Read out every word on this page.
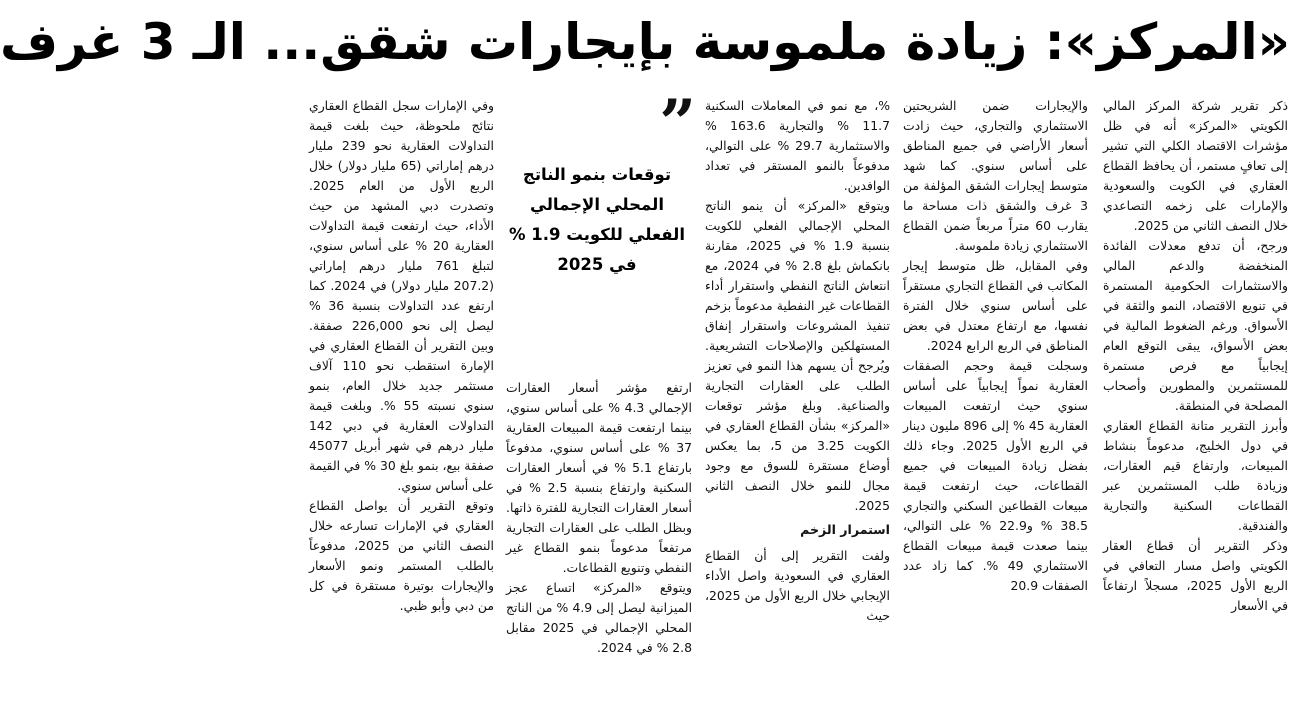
«المركز»: زيادة ملموسة بإيجارات شقق... الـ 3 غرف

ذكر تقرير شركة المركز المالي الكويتي «المركز» أنه في ظل مؤشرات الاقتصاد الكلي التي تشير إلى تعافٍ مستمر، أن يحافظ القطاع العقاري في الكويت والسعودية والإمارات على زخمه التصاعدي خلال النصف الثاني من 2025.

ورجح، أن تدفع معدلات الفائدة المنخفضة والدعم المالي والاستثمارات الحكومية المستمرة في تنويع الاقتصاد، النمو والثقة في الأسواق. ورغم الضغوط المالية في بعض الأسواق، يبقى التوقع العام إيجابياً مع فرص مستمرة للمستثمرين والمطورين وأصحاب المصلحة في المنطقة.

وأبرز التقرير متانة القطاع العقاري في دول الخليج، مدعوماً بنشاط المبيعات، وارتفاع قيم العقارات، وزيادة طلب المستثمرين عبر القطاعات السكنية والتجارية والفندقية.

وذكر التقرير أن قطاع العقار الكويتي واصل مسار التعافي في الربع الأول 2025، مسجلاً ارتفاعاً في الأسعار

والإيجارات ضمن الشريحتين الاستثماري والتجاري، حيث زادت أسعار الأراضي في جميع المناطق على أساس سنوي. كما شهد متوسط إيجارات الشقق المؤلفة من 3 غرف والشقق ذات مساحة ما يقارب 60 متراً مربعاً ضمن القطاع الاستثماري زيادة ملموسة.

وفي المقابل، ظل متوسط إيجار المكاتب في القطاع التجاري مستقراً على أساس سنوي خلال الفترة نفسها، مع ارتفاع معتدل في بعض المناطق في الربع الرابع 2024.

وسجلت قيمة وحجم الصفقات العقارية نمواً إيجابياً على أساس سنوي حيث ارتفعت المبيعات العقارية 45 % إلى 896 مليون دينار في الربع الأول 2025. وجاء ذلك بفضل زيادة المبيعات في جميع القطاعات، حيث ارتفعت قيمة مبيعات القطاعين السكني والتجاري 38.5 % و22.9 % على التوالي، بينما صعدت قيمة مبيعات القطاع الاستثماري 49 %. كما زاد عدد الصفقات 20.9

%، مع نمو في المعاملات السكنية 11.7 % والتجارية 163.6 % والاستثمارية 29.7 % على التوالي، مدفوعاً بالنمو المستقر في تعداد الوافدين.

ويتوقع «المركز» أن ينمو الناتج المحلي الإجمالي الفعلي للكويت بنسبة 1.9 % في 2025، مقارنة بانكماش بلغ 2.8 % في 2024، مع انتعاش الناتج النفطي واستقرار أداء القطاعات غير النفطية مدعوماً بزخم تنفيذ المشروعات واستقرار إنفاق المستهلكين والإصلاحات التشريعية. ويُرجح أن يسهم هذا النمو في تعزيز الطلب على العقارات التجارية والصناعية. وبلغ مؤشر توقعات «المركز» بشأن القطاع العقاري في الكويت 3.25 من 5، بما يعكس أوضاع مستقرة للسوق مع وجود مجال للنمو خلال النصف الثاني 2025.

استمرار الزخم

ولفت التقرير إلى أن القطاع العقاري في السعودية واصل الأداء الإيجابي خلال الربع الأول من 2025، حيث

”
توقعات بنمو الناتج المحلي الإجمالي الفعلي للكويت 1.9 % في 2025

ارتفع مؤشر أسعار العقارات الإجمالي 4.3 % على أساس سنوي، بينما ارتفعت قيمة المبيعات العقارية 37 % على أساس سنوي، مدفوعاً بارتفاع 5.1 % في أسعار العقارات السكنية وارتفاع بنسبة 2.5 % في أسعار العقارات التجارية للفترة ذاتها. وبظل الطلب على العقارات التجارية مرتفعاً مدعوماً بنمو القطاع غير النفطي وتنويع القطاعات.

ويتوقع «المركز» اتساع عجز الميزانية ليصل إلى 4.9 % من الناتج المحلي الإجمالي في 2025 مقابل 2.8 % في 2024.

وفي الإمارات سجل القطاع العقاري نتائج ملحوظة، حيث بلغت قيمة التداولات العقارية نحو 239 مليار درهم إماراتي (65 مليار دولار) خلال الربع الأول من العام 2025. وتصدرت دبي المشهد من حيث الأداء، حيث ارتفعت قيمة التداولات العقارية 20 % على أساس سنوي، لتبلغ 761 مليار درهم إماراتي (207.2 مليار دولار) في 2024. كما ارتفع عدد التداولات بنسبة 36 % ليصل إلى نحو 226,000 صفقة. وبين التقرير أن القطاع العقاري في الإمارة استقطب نحو 110 آلاف مستثمر جديد خلال العام، بنمو سنوي نسبته 55 %. وبلغت قيمة التداولات العقارية في دبي 142 مليار درهم في شهر أبريل 45077 صفقة بيع، بنمو بلغ 30 % في القيمة على أساس سنوي.

وتوقع التقرير أن يواصل القطاع العقاري في الإمارات تسارعه خلال النصف الثاني من 2025، مدفوعاً بالطلب المستمر ونمو الأسعار والإيجارات بوتيرة مستقرة في كل من دبي وأبو ظبي.
